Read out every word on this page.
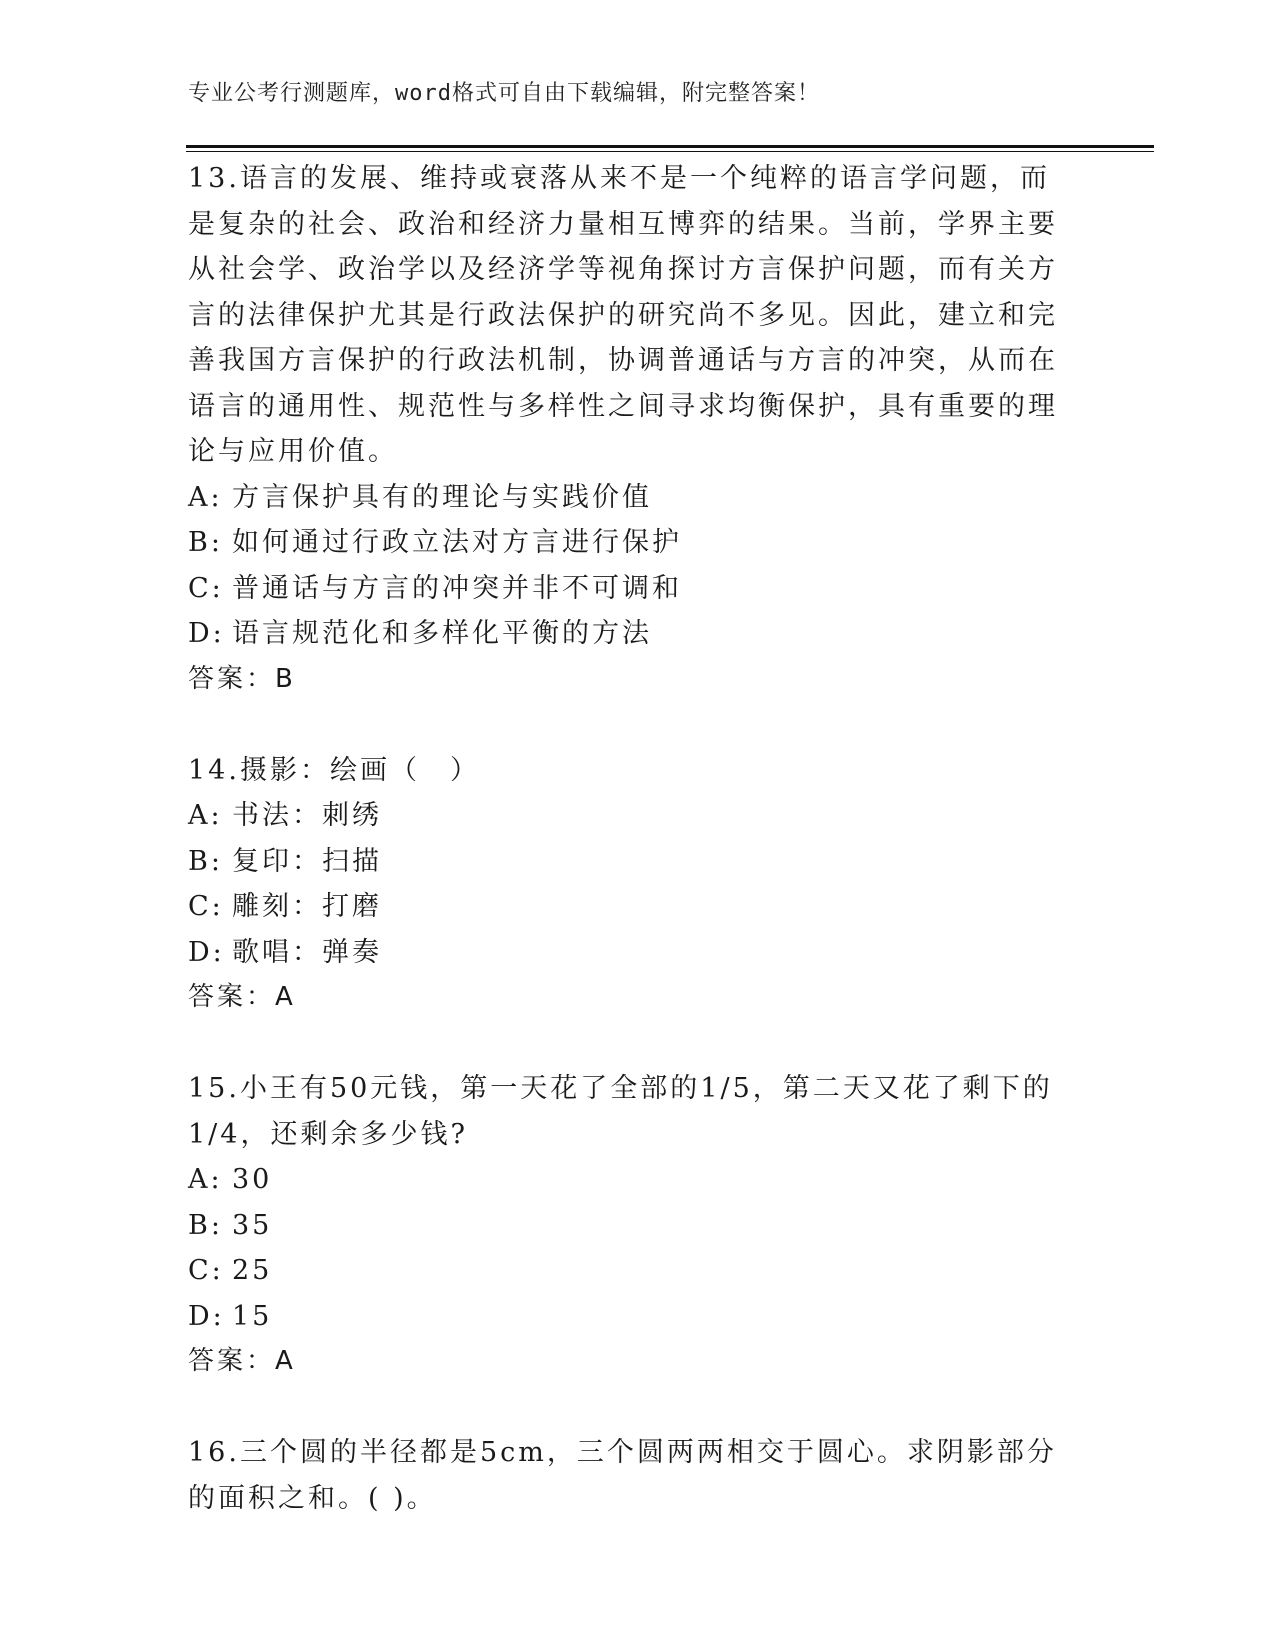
专业公考行测题库，word格式可自由下载编辑，附完整答案！

13.语言的发展、维持或衰落从来不是一个纯粹的语言学问题，而是复杂的社会、政治和经济力量相互博弈的结果。当前，学界主要从社会学、政治学以及经济学等视角探讨方言保护问题，而有关方言的法律保护尤其是行政法保护的研究尚不多见。因此，建立和完善我国方言保护的行政法机制，协调普通话与方言的冲突，从而在语言的通用性、规范性与多样性之间寻求均衡保护，具有重要的理论与应用价值。

A: 方言保护具有的理论与实践价值

B: 如何通过行政立法对方言进行保护

C: 普通话与方言的冲突并非不可调和

D: 语言规范化和多样化平衡的方法

答案：B

14.摄影：绘画（　）

A: 书法：刺绣

B: 复印：扫描

C: 雕刻：打磨

D: 歌唱：弹奏

答案：A

15.小王有50元钱，第一天花了全部的1/5，第二天又花了剩下的1/4，还剩余多少钱?

A: 30

B: 35

C: 25

D: 15

答案：A

16.三个圆的半径都是5cm，三个圆两两相交于圆心。求阴影部分的面积之和。( )。
